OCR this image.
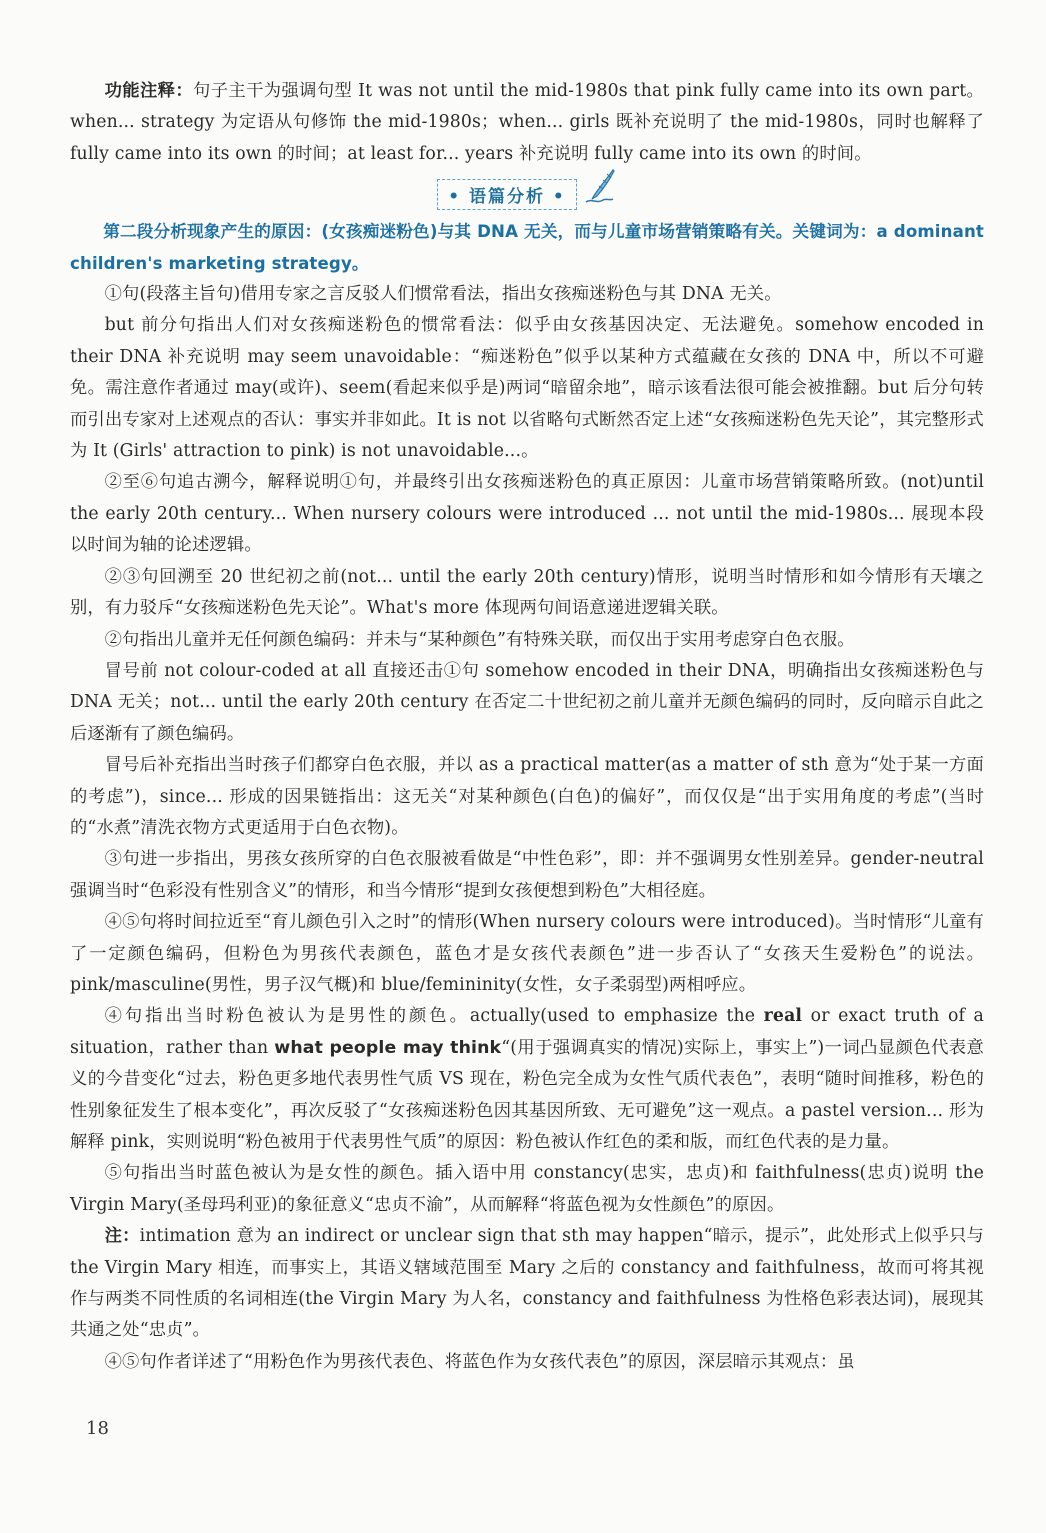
功能注释：句子主干为强调句型 It was not until the mid-1980s that pink fully came into its own part。when... strategy 为定语从句修饰 the mid-1980s；when... girls 既补充说明了 the mid-1980s，同时也解释了 fully came into its own 的时间；at least for... years 补充说明 fully came into its own 的时间。

• 语篇分析 •

第二段分析现象产生的原因：(女孩痴迷粉色)与其 DNA 无关，而与儿童市场营销策略有关。关键词为：a dominant children's marketing strategy。

①句(段落主旨句)借用专家之言反驳人们惯常看法，指出女孩痴迷粉色与其 DNA 无关。

but 前分句指出人们对女孩痴迷粉色的惯常看法：似乎由女孩基因决定、无法避免。somehow encoded in their DNA 补充说明 may seem unavoidable：“痴迷粉色”似乎以某种方式蕴藏在女孩的 DNA 中，所以不可避免。需注意作者通过 may(或许)、seem(看起来似乎是)两词“暗留余地”，暗示该看法很可能会被推翻。but 后分句转而引出专家对上述观点的否认：事实并非如此。It is not 以省略句式断然否定上述“女孩痴迷粉色先天论”，其完整形式为 It (Girls' attraction to pink) is not unavoidable...。

②至⑥句追古溯今，解释说明①句，并最终引出女孩痴迷粉色的真正原因：儿童市场营销策略所致。(not)until the early 20th century... When nursery colours were introduced ... not until the mid-1980s... 展现本段以时间为轴的论述逻辑。

②③句回溯至 20 世纪初之前(not... until the early 20th century)情形，说明当时情形和如今情形有天壤之别，有力驳斥“女孩痴迷粉色先天论”。What's more 体现两句间语意递进逻辑关联。

②句指出儿童并无任何颜色编码：并未与“某种颜色”有特殊关联，而仅出于实用考虑穿白色衣服。

冒号前 not colour-coded at all 直接还击①句 somehow encoded in their DNA，明确指出女孩痴迷粉色与 DNA 无关；not... until the early 20th century 在否定二十世纪初之前儿童并无颜色编码的同时，反向暗示自此之后逐渐有了颜色编码。

冒号后补充指出当时孩子们都穿白色衣服，并以 as a practical matter(as a matter of sth 意为“处于某一方面的考虑”)，since... 形成的因果链指出：这无关“对某种颜色(白色)的偏好”，而仅仅是“出于实用角度的考虑”(当时的“水煮”清洗衣物方式更适用于白色衣物)。

③句进一步指出，男孩女孩所穿的白色衣服被看做是“中性色彩”，即：并不强调男女性别差异。gender-neutral 强调当时“色彩没有性别含义”的情形，和当今情形“提到女孩便想到粉色”大相径庭。

④⑤句将时间拉近至“育儿颜色引入之时”的情形(When nursery colours were introduced)。当时情形“儿童有了一定颜色编码，但粉色为男孩代表颜色，蓝色才是女孩代表颜色”进一步否认了“女孩天生爱粉色”的说法。pink/masculine(男性，男子汉气概)和 blue/femininity(女性，女子柔弱型)两相呼应。

④句指出当时粉色被认为是男性的颜色。actually(used to emphasize the real or exact truth of a situation，rather than what people may think“(用于强调真实的情况)实际上，事实上”)一词凸显颜色代表意义的今昔变化“过去，粉色更多地代表男性气质 VS 现在，粉色完全成为女性气质代表色”，表明“随时间推移，粉色的性别象征发生了根本变化”，再次反驳了“女孩痴迷粉色因其基因所致、无可避免”这一观点。a pastel version... 形为解释 pink，实则说明“粉色被用于代表男性气质”的原因：粉色被认作红色的柔和版，而红色代表的是力量。

⑤句指出当时蓝色被认为是女性的颜色。插入语中用 constancy(忠实，忠贞)和 faithfulness(忠贞)说明 the Virgin Mary(圣母玛利亚)的象征意义“忠贞不渝”，从而解释“将蓝色视为女性颜色”的原因。

注：intimation 意为 an indirect or unclear sign that sth may happen“暗示，提示”，此处形式上似乎只与 the Virgin Mary 相连，而事实上，其语义辖域范围至 Mary 之后的 constancy and faithfulness，故而可将其视作与两类不同性质的名词相连(the Virgin Mary 为人名，constancy and faithfulness 为性格色彩表达词)，展现其共通之处“忠贞”。

④⑤句作者详述了“用粉色作为男孩代表色、将蓝色作为女孩代表色”的原因，深层暗示其观点：虽

18
